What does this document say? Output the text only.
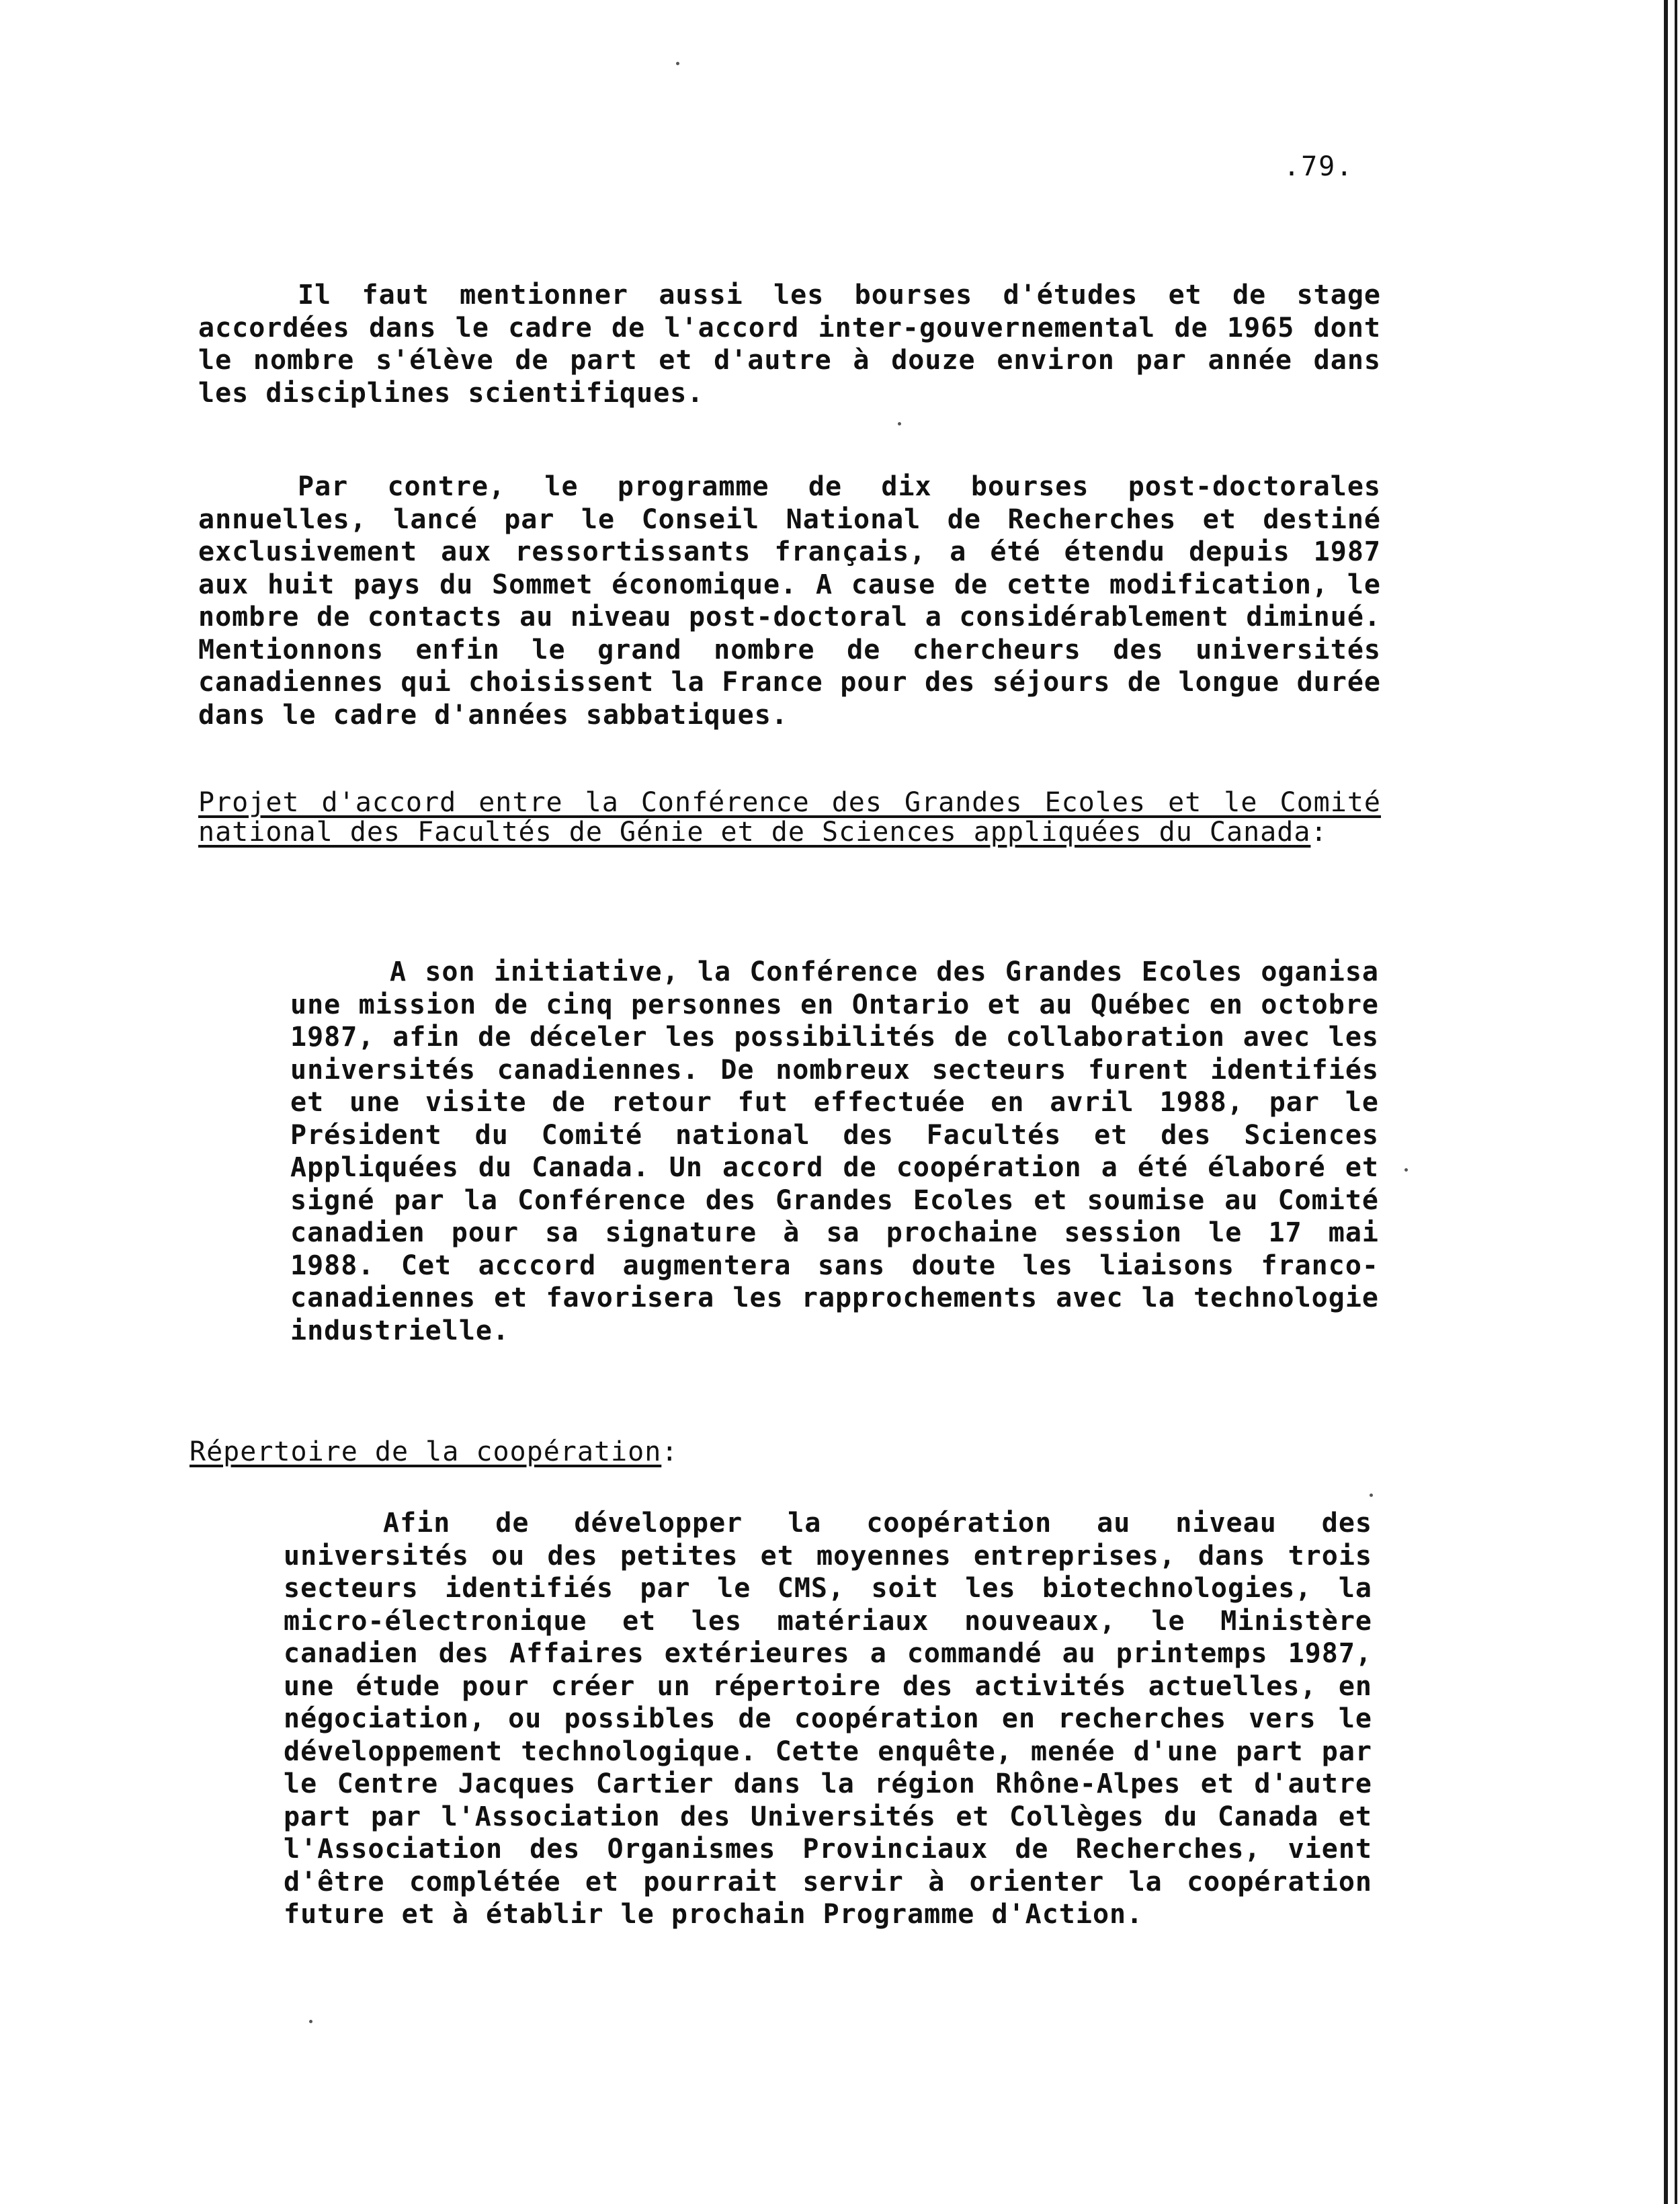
.79.

Il faut mentionner aussi les bourses d'études et de stage accordées dans le cadre de l'accord inter-gouvernemental de 1965 dont le nombre s'élève de part et d'autre à douze environ par année dans les disciplines scientifiques.

Par contre, le programme de dix bourses post-doctorales annuelles, lancé par le Conseil National de Recherches et destiné exclusivement aux ressortissants français, a été étendu depuis 1987 aux huit pays du Sommet économique. A cause de cette modification, le nombre de contacts au niveau post-doctoral a considérablement diminué. Mentionnons enfin le grand nombre de chercheurs des universités canadiennes qui choisissent la France pour des séjours de longue durée dans le cadre d'années sabbatiques.

Projet d'accord entre la Conférence des Grandes Ecoles et le Comité national des Facultés de Génie et de Sciences appliquées du Canada:

A son initiative, la Conférence des Grandes Ecoles oganisa une mission de cinq personnes en Ontario et au Québec en octobre 1987, afin de déceler les possibilités de collaboration avec les universités canadiennes. De nombreux secteurs furent identifiés et une visite de retour fut effectuée en avril 1988, par le Président du Comité national des Facultés et des Sciences Appliquées du Canada. Un accord de coopération a été élaboré et signé par la Conférence des Grandes Ecoles et soumise au Comité canadien pour sa signature à sa prochaine session le 17 mai 1988. Cet acccord augmentera sans doute les liaisons franco-canadiennes et favorisera les rapprochements avec la technologie industrielle.

Répertoire de la coopération:

Afin de développer la coopération au niveau des universités ou des petites et moyennes entreprises, dans trois secteurs identifiés par le CMS, soit les biotechnologies, la micro-électronique et les matériaux nouveaux, le Ministère canadien des Affaires extérieures a commandé au printemps 1987, une étude pour créer un répertoire des activités actuelles, en négociation, ou possibles de coopération en recherches vers le développement technologique. Cette enquête, menée d'une part par le Centre Jacques Cartier dans la région Rhône-Alpes et d'autre part par l'Association des Universités et Collèges du Canada et l'Association des Organismes Provinciaux de Recherches, vient d'être complétée et pourrait servir à orienter la coopération future et à établir le prochain Programme d'Action.
